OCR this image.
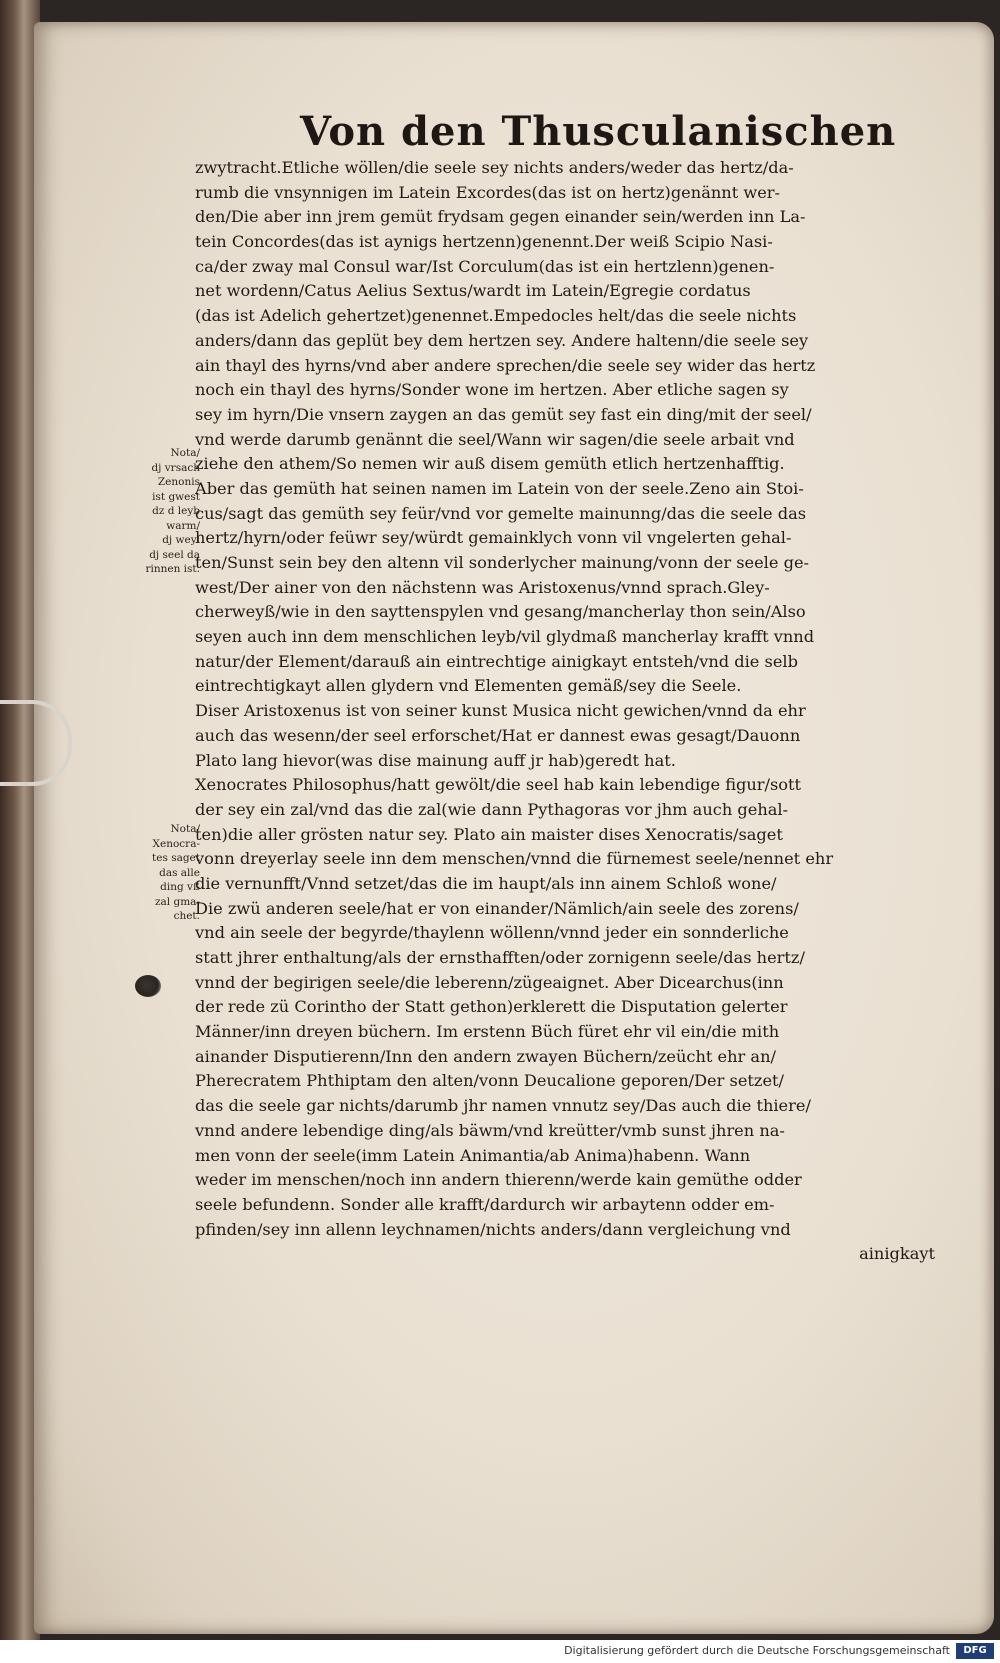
Von den Thusculanischen
zwytracht.Etliche wöllen/die seele sey nichts anders/weder das hertz/da-
rumb die vnsynnigen im Latein Excordes(das ist on hertz)genännt wer-
den/Die aber inn jrem gemüt frydsam gegen einander sein/werden inn La-
tein Concordes(das ist aynigs hertzenn)genennt.Der weiß Scipio Nasi-
ca/der zway mal Consul war/Ist Corculum(das ist ein hertzlenn)genen-
net wordenn/Catus Aelius Sextus/wardt im Latein/Egregie cordatus
(das ist Adelich gehertzet)genennet.Empedocles helt/das die seele nichts
anders/dann das geplüt bey dem hertzen sey. Andere haltenn/die seele sey
ain thayl des hyrns/vnd aber andere sprechen/die seele sey wider das hertz
noch ein thayl des hyrns/Sonder wone im hertzen. Aber etliche sagen sy
sey im hyrn/Die vnsern zaygen an das gemüt sey fast ein ding/mit der seel/
vnd werde darumb genännt die seel/Wann wir sagen/die seele arbait vnd
ziehe den athem/So nemen wir auß disem gemüth etlich hertzenhafftig.
Aber das gemüth hat seinen namen im Latein von der seele.Zeno ain Stoi-
cus/sagt das gemüth sey feür/vnd vor gemelte mainunng/das die seele das
hertz/hyrn/oder feüwr sey/würdt gemainklych vonn vil vngelerten gehal-
ten/Sunst sein bey den altenn vil sonderlycher mainung/vonn der seele ge-
west/Der ainer von den nächstenn was Aristoxenus/vnnd sprach.Gley-
cherweyß/wie in den sayttenspylen vnd gesang/mancherlay thon sein/Also
seyen auch inn dem menschlichen leyb/vil glydmaß mancherlay krafft vnnd
natur/der Element/darauß ain eintrechtige ainigkayt entsteh/vnd die selb
eintrechtigkayt allen glydern vnd Elementen gemäß/sey die Seele.
Diser Aristoxenus ist von seiner kunst Musica nicht gewichen/vnnd da ehr
auch das wesenn/der seel erforschet/Hat er dannest ewas gesagt/Dauonn
Plato lang hievor(was dise mainung auff jr hab)geredt hat.
Xenocrates Philosophus/hatt gewölt/die seel hab kain lebendige figur/sott
der sey ein zal/vnd das die zal(wie dann Pythagoras vor jhm auch gehal-
ten)die aller grösten natur sey. Plato ain maister dises Xenocratis/saget
vonn dreyerlay seele inn dem menschen/vnnd die fürnemest seele/nennet ehr
die vernunfft/Vnnd setzet/das die im haupt/als inn ainem Schloß wone/
Die zwü anderen seele/hat er von einander/Nämlich/ain seele des zorens/
vnd ain seele der begyrde/thaylenn wöllenn/vnnd jeder ein sonnderliche
statt jhrer enthaltung/als der ernsthafften/oder zornigenn seele/das hertz/
vnnd der begirigen seele/die leberenn/zügeaignet. Aber Dicearchus(inn
der rede zü Corintho der Statt gethon)erklerett die Disputation gelerter
Männer/inn dreyen büchern. Im erstenn Büch füret ehr vil ein/die mith
ainander Disputierenn/Inn den andern zwayen Büchern/zeücht ehr an/
Pherecratem Phthiptam den alten/vonn Deucalione geporen/Der setzet/
das die seele gar nichts/darumb jhr namen vnnutz sey/Das auch die thiere/
vnnd andere lebendige ding/als bäwm/vnd kreütter/vmb sunst jhren na-
men vonn der seele(imm Latein Animantia/ab Anima)habenn. Wann
weder im menschen/noch inn andern thierenn/werde kain gemüthe odder
seele befundenn. Sonder alle krafft/dardurch wir arbaytenn odder em-
pfinden/sey inn allenn leychnamen/nichts anders/dann vergleichung vnd
ainigkayt
Nota/
dj vrsach
Zenonis
ist gwest
dz d leyb
warm/
dj weyl
dj seel da
rinnen ist.
Nota/
Xenocra-
tes saget
das alle
ding vß
zal gma-
chet.
Digitalisierung gefördert durch die Deutsche Forschungsgemeinschaft	DFG
